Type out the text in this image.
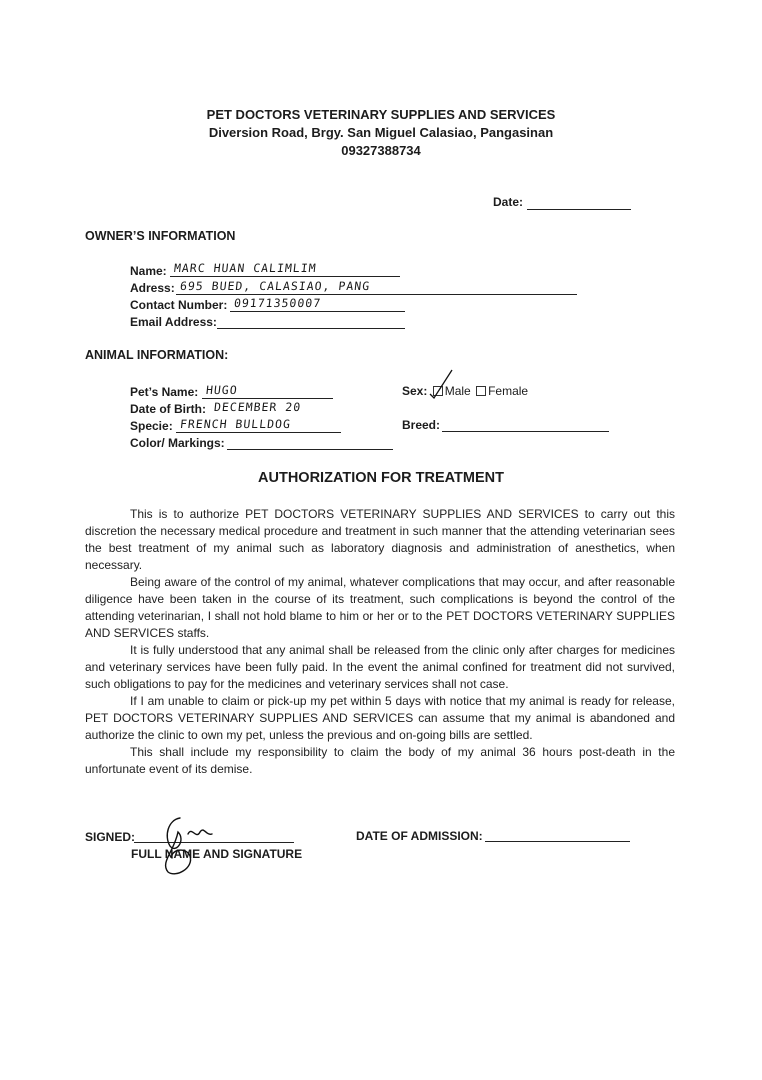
PET DOCTORS VETERINARY SUPPLIES AND SERVICES
Diversion Road, Brgy. San Miguel Calasiao, Pangasinan
09327388734
Date:
OWNER’S INFORMATION
Name: MARC HUAN CALIMLIM
Adress: 695 BUED, CALASIAO, PANG
Contact Number: 09171350007
Email Address:
ANIMAL INFORMATION:
Pet’s Name: HUGO
Date of Birth: DECEMBER 20
Specie: FRENCH BULLDOG
Color/ Markings:
Sex: Male Female
Breed:
AUTHORIZATION FOR TREATMENT

This is to authorize PET DOCTORS VETERINARY SUPPLIES AND SERVICES to carry out this discretion the necessary medical procedure and treatment in such manner that the attending veterinarian sees the best treatment of my animal such as laboratory diagnosis and administration of anesthetics, when necessary.

Being aware of the control of my animal, whatever complications that may occur, and after reasonable diligence have been taken in the course of its treatment, such complications is beyond the control of the attending veterinarian, I shall not hold blame to him or her or to the PET DOCTORS VETERINARY SUPPLIES AND SERVICES staffs.

It is fully understood that any animal shall be released from the clinic only after charges for medicines and veterinary services have been fully paid. In the event the animal confined for treatment did not survived, such obligations to pay for the medicines and veterinary services shall not case.

If I am unable to claim or pick-up my pet within 5 days with notice that my animal is ready for release, PET DOCTORS VETERINARY SUPPLIES AND SERVICES can assume that my animal is abandoned and authorize the clinic to own my pet, unless the previous and on-going bills are settled.

This shall include my responsibility to claim the body of my animal 36 hours post-death in the unfortunate event of its demise.

SIGNED:
FULL NAME AND SIGNATURE
DATE OF ADMISSION:
